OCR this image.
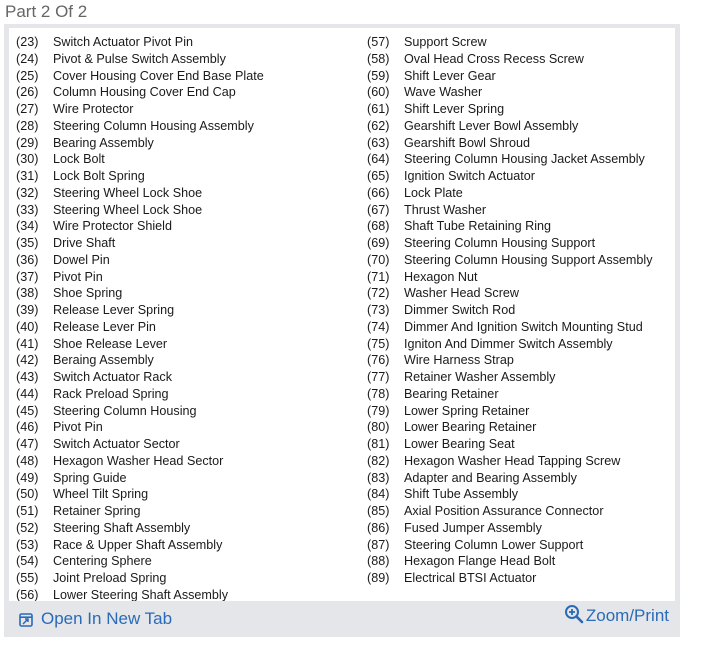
Part 2 Of 2
(23) Switch Actuator Pivot Pin
(24) Pivot & Pulse Switch Assembly
(25) Cover Housing Cover End Base Plate
(26) Column Housing Cover End Cap
(27) Wire Protector
(28) Steering Column Housing Assembly
(29) Bearing Assembly
(30) Lock Bolt
(31) Lock Bolt Spring
(32) Steering Wheel Lock Shoe
(33) Steering Wheel Lock Shoe
(34) Wire Protector Shield
(35) Drive Shaft
(36) Dowel Pin
(37) Pivot Pin
(38) Shoe Spring
(39) Release Lever Spring
(40) Release Lever Pin
(41) Shoe Release Lever
(42) Beraing Assembly
(43) Switch Actuator Rack
(44) Rack Preload Spring
(45) Steering Column Housing
(46) Pivot Pin
(47) Switch Actuator Sector
(48) Hexagon Washer Head Sector
(49) Spring Guide
(50) Wheel Tilt Spring
(51) Retainer Spring
(52) Steering Shaft Assembly
(53) Race & Upper Shaft Assembly
(54) Centering Sphere
(55) Joint Preload Spring
(56) Lower Steering Shaft Assembly
(57) Support Screw
(58) Oval Head Cross Recess Screw
(59) Shift Lever Gear
(60) Wave Washer
(61) Shift Lever Spring
(62) Gearshift Lever Bowl Assembly
(63) Gearshift Bowl Shroud
(64) Steering Column Housing Jacket Assembly
(65) Ignition Switch Actuator
(66) Lock Plate
(67) Thrust Washer
(68) Shaft Tube Retaining Ring
(69) Steering Column Housing Support
(70) Steering Column Housing Support Assembly
(71) Hexagon Nut
(72) Washer Head Screw
(73) Dimmer Switch Rod
(74) Dimmer And Ignition Switch Mounting Stud
(75) Igniton And Dimmer Switch Assembly
(76) Wire Harness Strap
(77) Retainer Washer Assembly
(78) Bearing Retainer
(79) Lower Spring Retainer
(80) Lower Bearing Retainer
(81) Lower Bearing Seat
(82) Hexagon Washer Head Tapping Screw
(83) Adapter and Bearing Assembly
(84) Shift Tube Assembly
(85) Axial Position Assurance Connector
(86) Fused Jumper Assembly
(87) Steering Column Lower Support
(88) Hexagon Flange Head Bolt
(89) Electrical BTSI Actuator
Open In New Tab	Zoom/Print
